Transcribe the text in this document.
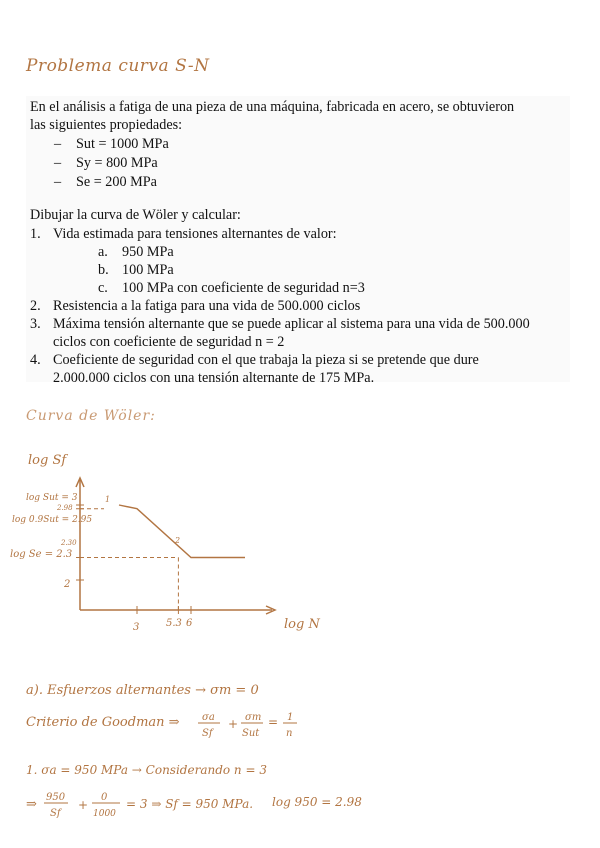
Problema curva S-N
En el análisis a fatiga de una pieza de una máquina, fabricada en acero, se obtuvieron
las siguientes propiedades:
– Sut = 1000 MPa
– Sy = 800 MPa
– Se = 200 MPa
Dibujar la curva de Wöler y calcular:
1. Vida estimada para tensiones alternantes de valor:
a. 950 MPa
b. 100 MPa
c. 100 MPa con coeficiente de seguridad n=3
2. Resistencia a la fatiga para una vida de 500.000 ciclos
3. Máxima tensión alternante que se puede aplicar al sistema para una vida de 500.000
ciclos con coeficiente de seguridad n = 2
4. Coeficiente de seguridad con el que trabaja la pieza si se pretende que dure
2.000.000 ciclos con una tensión alternante de 175 MPa.
Curva de Wöler:
log Sf
log N
log Sut = 3
2.98
log 0.9Sut = 2.95
2.30
log Se = 2.3
2
3	5.3 6
1
2
a). Esfuerzos alternantes → σm = 0
Criterio de Goodman ⇒ σa
Sf
+ σm
Sut
= 1
n
1. σa = 950 MPa → Considerando n = 3
⇒ 950
Sf
+
0
1000
= 3 ⇒ Sf = 950 MPa. log 950 = 2.98
